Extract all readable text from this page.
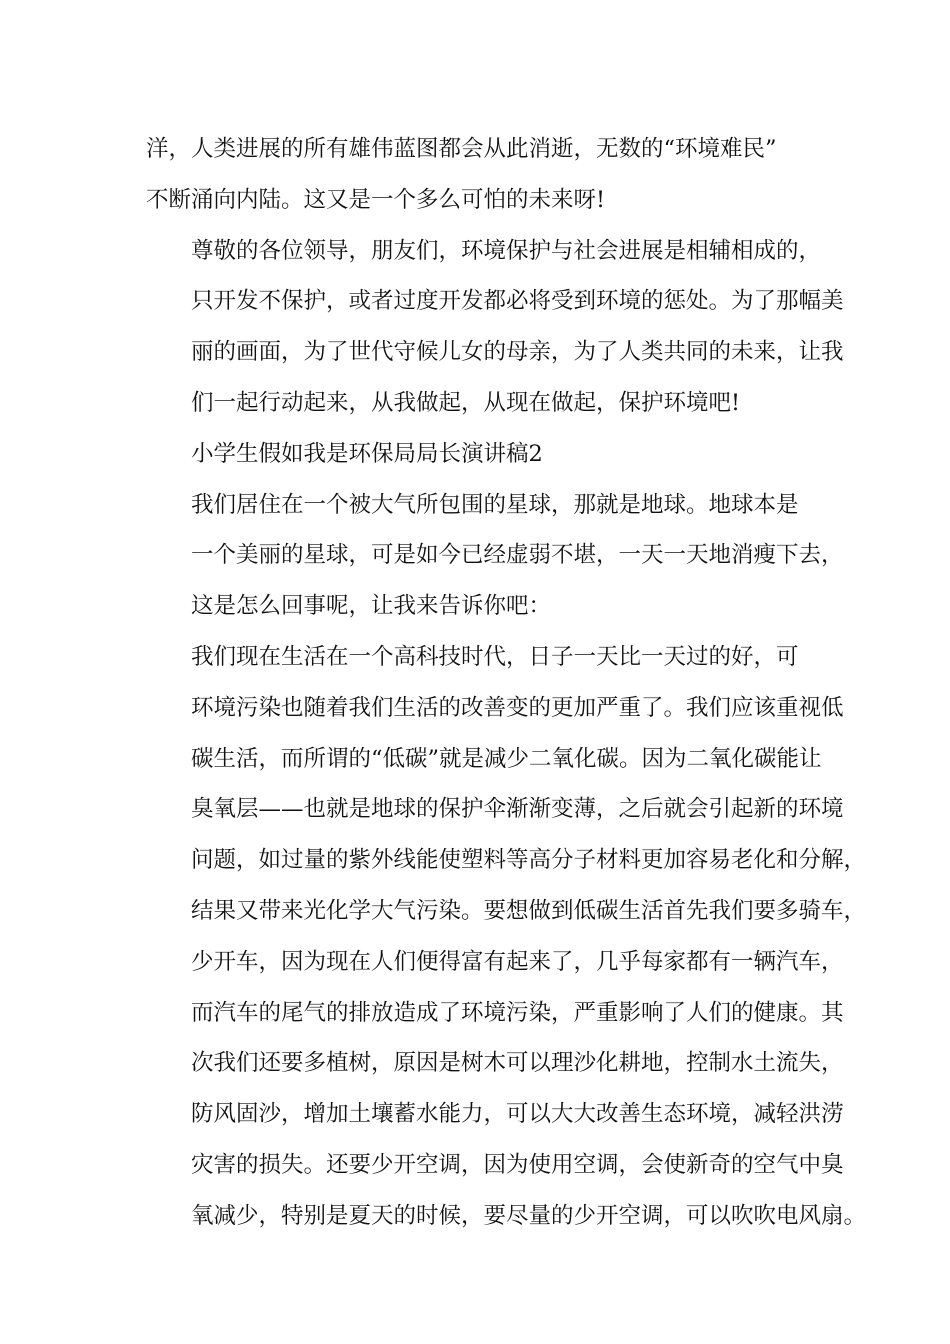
洋，人类进展的所有雄伟蓝图都会从此消逝，无数的“环境难民”
不断涌向内陆。这又是一个多么可怕的未来呀!

尊敬的各位领导，朋友们，环境保护与社会进展是相辅相成的，
只开发不保护，或者过度开发都必将受到环境的惩处。为了那幅美
丽的画面，为了世代守候儿女的母亲，为了人类共同的未来，让我
们一起行动起来，从我做起，从现在做起，保护环境吧!

小学生假如我是环保局局长演讲稿2

我们居住在一个被大气所包围的星球，那就是地球。地球本是
一个美丽的星球，可是如今已经虚弱不堪，一天一天地消瘦下去，
这是怎么回事呢，让我来告诉你吧：

我们现在生活在一个高科技时代，日子一天比一天过的好，可
环境污染也随着我们生活的改善变的更加严重了。我们应该重视低
碳生活，而所谓的“低碳”就是减少二氧化碳。因为二氧化碳能让
臭氧层——也就是地球的保护伞渐渐变薄，之后就会引起新的环境
问题，如过量的紫外线能使塑料等高分子材料更加容易老化和分解，
结果又带来光化学大气污染。要想做到低碳生活首先我们要多骑车，
少开车，因为现在人们便得富有起来了，几乎每家都有一辆汽车，
而汽车的尾气的排放造成了环境污染，严重影响了人们的健康。其
次我们还要多植树，原因是树木可以理沙化耕地，控制水土流失，
防风固沙，增加土壤蓄水能力，可以大大改善生态环境，减轻洪涝
灾害的损失。还要少开空调，因为使用空调，会使新奇的空气中臭
氧减少，特别是夏天的时候，要尽量的少开空调，可以吹吹电风扇。
